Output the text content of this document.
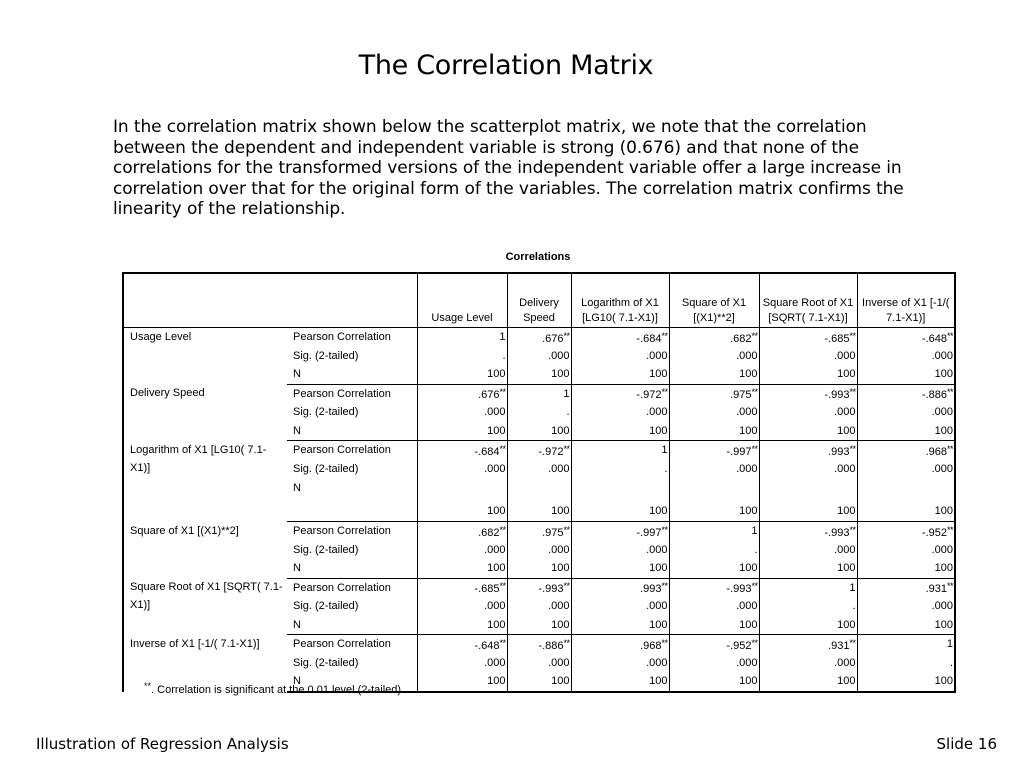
The Correlation Matrix
In the correlation matrix shown below the scatterplot matrix, we note that the correlation between the dependent and independent variable is strong (0.676) and that none of the correlations for the transformed versions of the independent variable offer a large increase in correlation over that for the original form of the variables. The correlation matrix confirms the linearity of the relationship.
Correlations
		Usage Level	Delivery Speed	Logarithm of X1 [LG10( 7.1-X1)]	Square of X1 [(X1)**2]	Square Root of X1 [SQRT( 7.1-X1)]	Inverse of X1 [-1/( 7.1-X1)]
Usage Level	Pearson Correlation	1	.676**	-.684**	.682**	-.685**	-.648**
	Sig. (2-tailed)	.	.000	.000	.000	.000	.000
	N	100	100	100	100	100	100
Delivery Speed	Pearson Correlation	.676**	1	-.972**	.975**	-.993**	-.886**
	Sig. (2-tailed)	.000	.	.000	.000	.000	.000
	N	100	100	100	100	100	100
Logarithm of X1 [LG10( 7.1-X1)]	Pearson Correlation	-.684**	-.972**	1	-.997**	.993**	.968**
	Sig. (2-tailed)	.000	.000	.	.000	.000	.000
	N	100	100	100	100	100	100
Square of X1 [(X1)**2]	Pearson Correlation	.682**	.975**	-.997**	1	-.993**	-.952**
	Sig. (2-tailed)	.000	.000	.000	.	.000	.000
	N	100	100	100	100	100	100
Square Root of X1 [SQRT( 7.1-X1)]	Pearson Correlation	-.685**	-.993**	.993**	-.993**	1	.931**
	Sig. (2-tailed)	.000	.000	.000	.000	.	.000
	N	100	100	100	100	100	100
Inverse of X1 [-1/( 7.1-X1)]	Pearson Correlation	-.648**	-.886**	.968**	-.952**	.931**	1
	Sig. (2-tailed)	.000	.000	.000	.000	.000	.
	N	100	100	100	100	100	100
**. Correlation is significant at the 0.01 level (2-tailed).
Illustration of Regression Analysis	Slide 16
